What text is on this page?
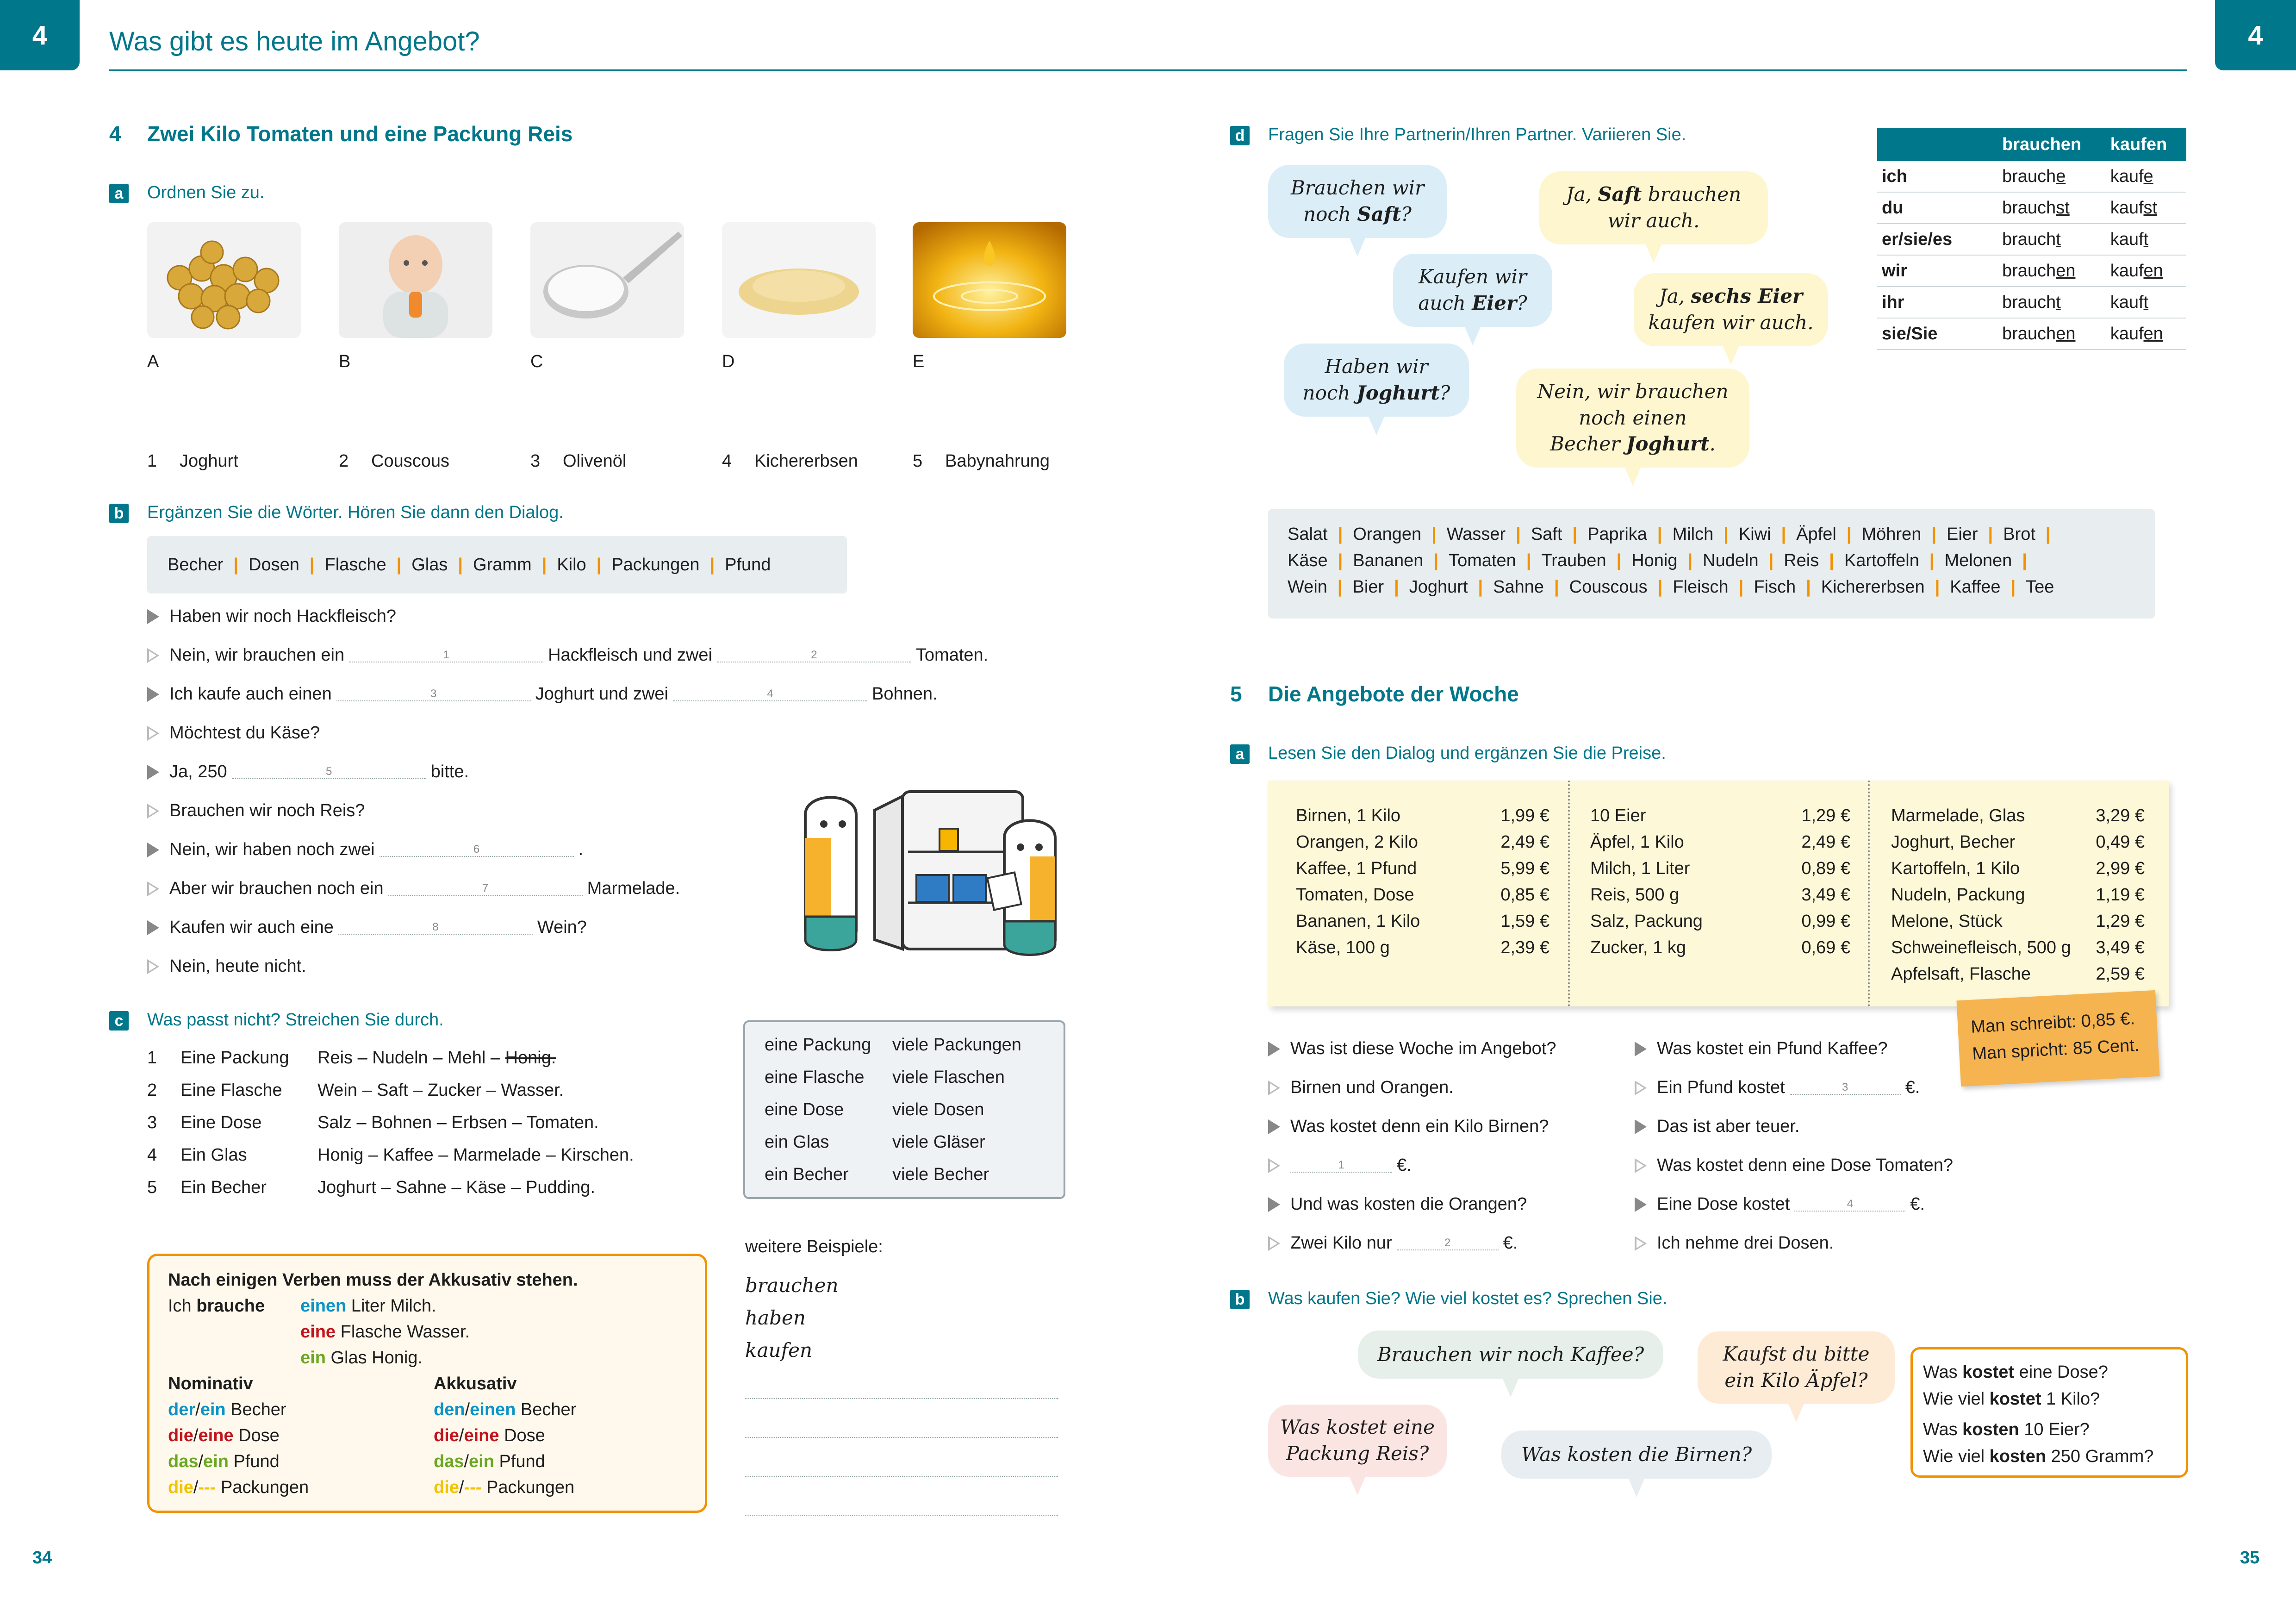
4 Was gibt es heute im Angebot?	4
4 Zwei Kilo Tomaten und eine Packung Reis
a	Ordnen Sie zu.
A	B	C	D	E
1 Joghurt	2 Couscous	3 Olivenöl	4 Kichererbsen	5 Babynahrung
b Ergänzen Sie die Wörter. Hören Sie dann den Dialog.
Becher | Dosen | Flasche | Glas | Gramm | Kilo | Packungen | Pfund
Haben wir noch Hackfleisch?
Nein, wir brauchen ein	1	Hackfleisch und zwei	2	Tomaten.
Ich kaufe auch einen	3	Joghurt und zwei	4	Bohnen.
Möchtest du Käse?
Ja, 250	5	bitte.
Brauchen wir noch Reis?
Nein, wir haben noch zwei	6	.
Aber wir brauchen noch ein	7	Marmelade.
Kaufen wir auch eine	8	Wein?
Nein, heute nicht.
c	Was passt nicht? Streichen Sie durch.
1 Eine Packung Reis – Nudeln – Mehl – Honig.
2 Eine Flasche Wein – Saft – Zucker – Wasser.
3 Eine Dose	Salz – Bohnen – Erbsen – Tomaten.
4 Ein Glas	Honig – Kaffee – Marmelade – Kirschen.
5 Ein Becher	Joghurt – Sahne – Käse – Pudding.
eine Packung viele Packungen
eine Flasche viele Flaschen
eine Dose	viele Dosen
ein Glas	viele Gläser
ein Becher viele Becher
Nach einigen Verben muss der Akkusativ stehen.
Ich brauche einen Liter Milch.
eine Flasche Wasser.
ein Glas Honig.
Nominativ	Akkusativ
der/ein Becher	den/einen Becher
die/eine Dose	die/eine Dose
das/ein Pfund	das/ein Pfund
die/--- Packungen	die/--- Packungen
weitere Beispiele:
brauchen
haben
kaufen
34
d Fragen Sie Ihre Partnerin/Ihren Partner. Variieren Sie.
Brauchen wir
noch Saft?
Ja, Saft brauchen
wir auch.
Kaufen wir
auch Eier?	Ja, sechs Eier
kaufen wir auch.
Haben wir
noch Joghurt?	Nein, wir brauchen
noch einen
Becher Joghurt.
	brauchen	kaufen
ich	brauche	kaufe
du	brauchst	kaufst
er/sie/es	braucht	kauft
wir	brauchen	kaufen
ihr	braucht	kauft
sie/Sie	brauchen	kaufen
Salat | Orangen | Wasser | Saft | Paprika | Milch | Kiwi | Äpfel | Möhren | Eier | Brot |
Käse | Bananen | Tomaten | Trauben | Honig | Nudeln | Reis | Kartoffeln | Melonen |
Wein | Bier | Joghurt | Sahne | Couscous | Fleisch | Fisch | Kichererbsen | Kaffee | Tee
5 Die Angebote der Woche
a	Lesen Sie den Dialog und ergänzen Sie die Preise.
Birnen, 1 Kilo	1,99 €
Orangen, 2 Kilo	2,49 €
Kaffee, 1 Pfund	5,99 €
Tomaten, Dose	0,85 €
Bananen, 1 Kilo	1,59 €
Käse, 100 g	2,39 €
10 Eier	1,29 €
Äpfel, 1 Kilo	2,49 €
Milch, 1 Liter	0,89 €
Reis, 500 g	3,49 €
Salz, Packung	0,99 €
Zucker, 1 kg	0,69 €
Marmelade, Glas	3,29 €
Joghurt, Becher	0,49 €
Kartoffeln, 1 Kilo	2,99 €
Nudeln, Packung	1,19 €
Melone, Stück	1,29 €
Schweinefleisch, 500 g 3,49 €
Apfelsaft, Flasche	2,59 €
Man schreibt: 0,85 €.
Man spricht: 85 Cent.
Was ist diese Woche im Angebot?
Birnen und Orangen.
Was kostet denn ein Kilo Birnen?
1	€.
Und was kosten die Orangen?
Zwei Kilo nur	2	€.
Was kostet ein Pfund Kaffee?
Ein Pfund kostet	3	€.
Das ist aber teuer.
Was kostet denn eine Dose Tomaten?
Eine Dose kostet	4	€.
Ich nehme drei Dosen.
b Was kaufen Sie? Wie viel kostet es? Sprechen Sie.
Brauchen wir noch Kaffee?	Kaufst du bitte
ein Kilo Äpfel?
Was kostet eine
Packung Reis?	Was kosten die Birnen?
Was kostet eine Dose?
Wie viel kostet 1 Kilo?
Was kosten 10 Eier?
Wie viel kosten 250 Gramm?
35
